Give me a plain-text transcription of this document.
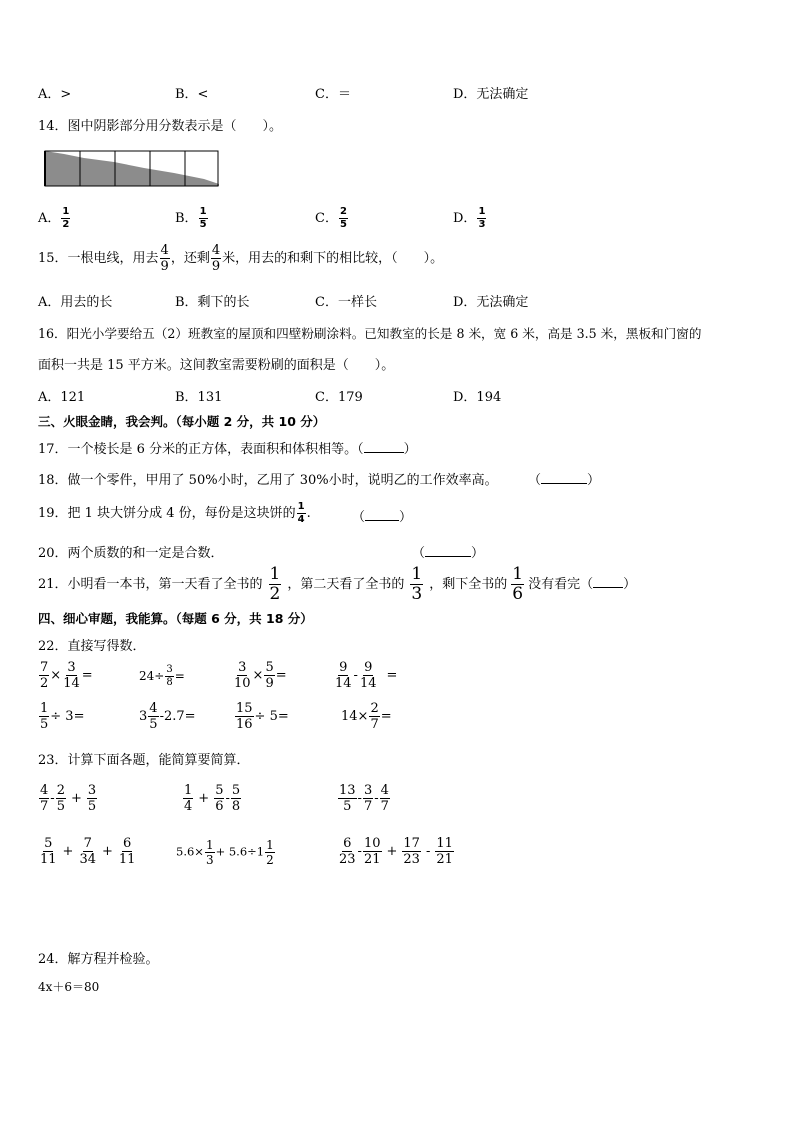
A．>	B．<	C．＝	D．无法确定
14．图中阴影部分用分数表示是（　　）。
A． $\frac{1}{2}$	B． $\frac{1}{5}$	C． $\frac{2}{5}$	D． $\frac{1}{3}$
15．一根电线，用去 $\frac{4}{9}$ ，还剩 $\frac{4}{9}$ 米，用去的和剩下的相比较，（　　）。
A．用去的长	B．剩下的长	C．一样长	D．无法确定
16．阳光小学要给五（2）班教室的屋顶和四壁粉刷涂料。已知教室的长是 8 米，宽 6 米，高是 3.5 米，黑板和门窗的
面积一共是 15 平方米。这间教室需要粉刷的面积是（　　）。
A．121	B．131	C．179	D．194
三、火眼金睛，我会判。（每小题 2 分，共 10 分）
17．一个棱长是 6 分米的正方体，表面积和体积相等。（	）
18．做一个零件，甲用了 50%小时，乙用了 30%小时，说明乙的工作效率高。 （	）
19．把 1 块大饼分成 4 份，每份是这块饼的 $\frac{1}{4}$ .	（	）
20．两个质数的和一定是合数．	（	）
21．小明看一本书，第一天看了全书的 $\frac{1}{2}$ ，第二天看了全书的 $\frac{1}{3}$ ，剩下全书的 $\frac{1}{6}$ 没有看完（ ）
四、细心审题，我能算。（每题 6 分，共 18 分）
22．直接写得数．
$\frac{7}{2} \times \frac{3}{14}$ =	$24\div \frac{3}{8}$ =	$\frac{3}{10} \times \frac{5}{9}$ =	$\frac{9}{14} - \frac{9}{14}$ =
$\frac{1}{5} \div 3=$	$3 \frac{4}{5} -2.7=$	$\frac{15}{16} \div 5=$	$14\times \frac{2}{7}$ =
23．计算下面各题，能简算要简算．
$\frac{4}{7} - \frac{2}{5} + \frac{3}{5}$	$\frac{1}{4} + \frac{5}{6} - \frac{5}{8}$	$\frac{13}{5} - \frac{3}{7} - \frac{4}{7}$
$\frac{5}{11} + \frac{7}{34} + \frac{6}{11}$	$5.6\times \frac{1}{3} + 5.6\div 1 \frac{1}{2}$	$\frac{6}{23} - \frac{10}{21} + \frac{17}{23} - \frac{11}{21}$
24．解方程并检验。
4x＋6＝80
